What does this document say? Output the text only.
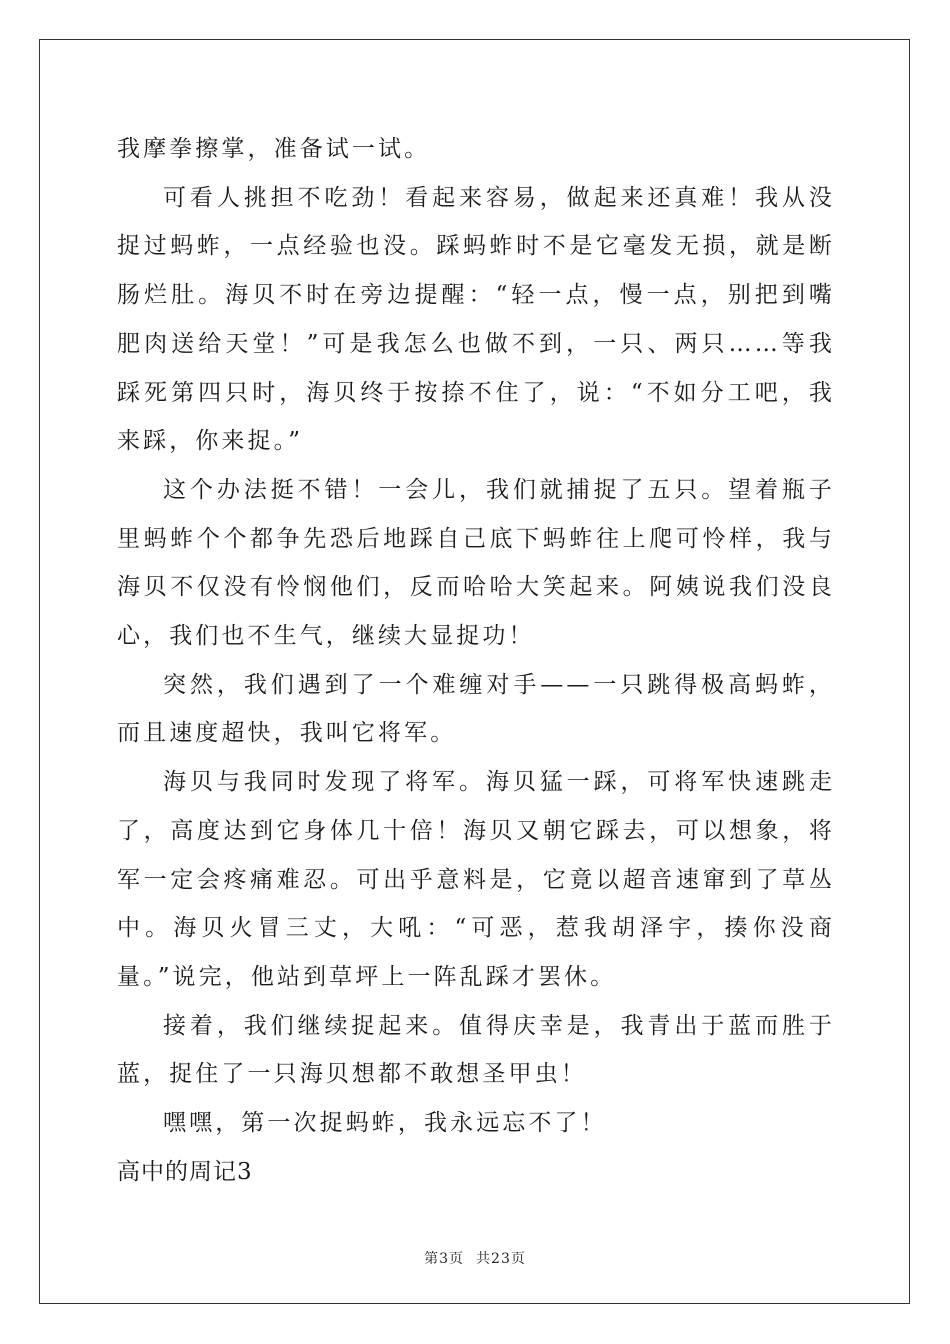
我摩拳擦掌，准备试一试。

可看人挑担不吃劲！看起来容易，做起来还真难！我从没捉过蚂蚱，一点经验也没。踩蚂蚱时不是它毫发无损，就是断肠烂肚。海贝不时在旁边提醒：“轻一点，慢一点，别把到嘴肥肉送给天堂！”可是我怎么也做不到，一只、两只……等我踩死第四只时，海贝终于按捺不住了，说：“不如分工吧，我来踩，你来捉。”

这个办法挺不错！一会儿，我们就捕捉了五只。望着瓶子里蚂蚱个个都争先恐后地踩自己底下蚂蚱往上爬可怜样，我与海贝不仅没有怜悯他们，反而哈哈大笑起来。阿姨说我们没良心，我们也不生气，继续大显捉功！

突然，我们遇到了一个难缠对手——一只跳得极高蚂蚱，而且速度超快，我叫它将军。

海贝与我同时发现了将军。海贝猛一踩，可将军快速跳走了，高度达到它身体几十倍！海贝又朝它踩去，可以想象，将军一定会疼痛难忍。可出乎意料是，它竟以超音速窜到了草丛中。海贝火冒三丈，大吼：“可恶，惹我胡泽宇，揍你没商量。”说完，他站到草坪上一阵乱踩才罢休。

接着，我们继续捉起来。值得庆幸是，我青出于蓝而胜于蓝，捉住了一只海贝想都不敢想圣甲虫！

嘿嘿，第一次捉蚂蚱，我永远忘不了！

高中的周记3

第3页 共23页
